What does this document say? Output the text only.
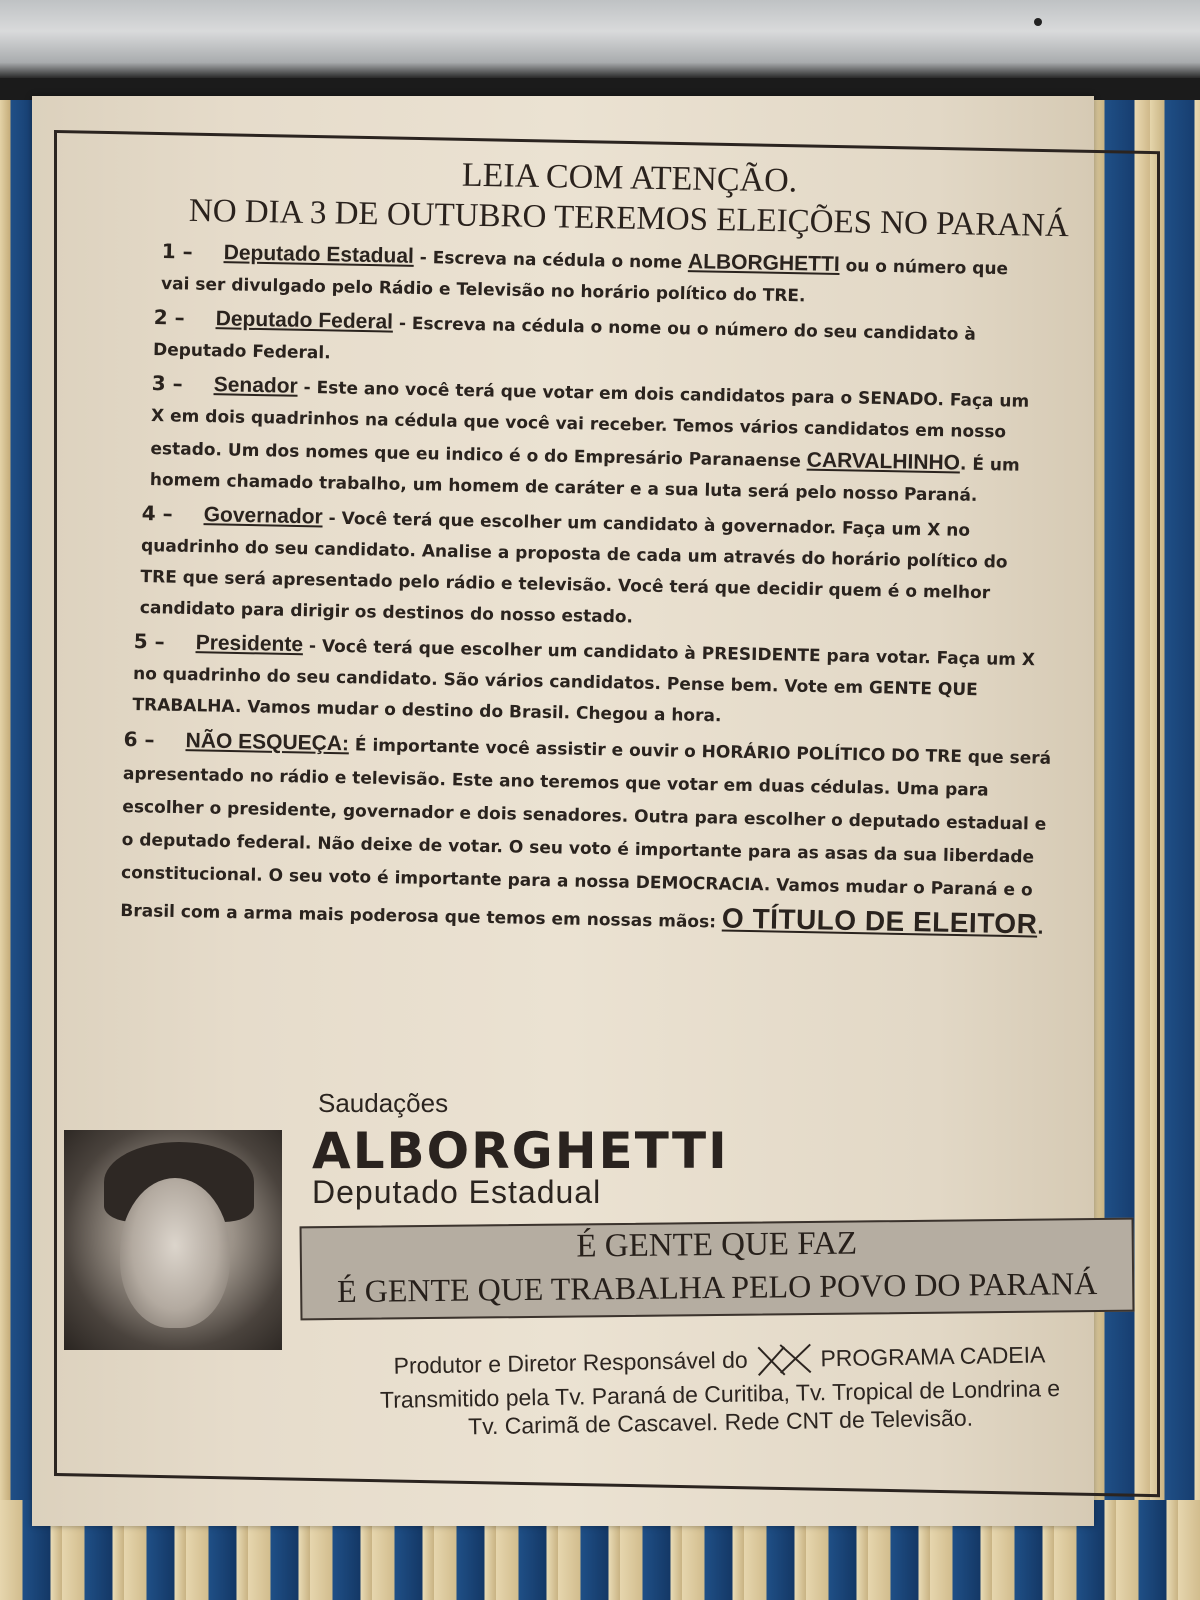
LEIA COM ATENÇÃO.
NO DIA 3 DE OUTUBRO TEREMOS ELEIÇÕES NO PARANÁ
1 – Deputado Estadual - Escreva na cédula o nome ALBORGHETTI ou o número que vai ser divulgado pelo Rádio e Televisão no horário político do TRE.
2 – Deputado Federal - Escreva na cédula o nome ou o número do seu candidato à Deputado Federal.
3 – Senador - Este ano você terá que votar em dois candidatos para o SENADO. Faça um X em dois quadrinhos na cédula que você vai receber. Temos vários candidatos em nosso estado. Um dos nomes que eu indico é o do Empresário Paranaense CARVALHINHO. É um homem chamado trabalho, um homem de caráter e a sua luta será pelo nosso Paraná.
4 – Governador - Você terá que escolher um candidato à governador. Faça um X no quadrinho do seu candidato. Analise a proposta de cada um através do horário político do TRE que será apresentado pelo rádio e televisão. Você terá que decidir quem é o melhor candidato para dirigir os destinos do nosso estado.
5 – Presidente - Você terá que escolher um candidato à PRESIDENTE para votar. Faça um X no quadrinho do seu candidato. São vários candidatos. Pense bem. Vote em GENTE QUE TRABALHA. Vamos mudar o destino do Brasil. Chegou a hora.
6 – NÃO ESQUEÇA: É importante você assistir e ouvir o HORÁRIO POLÍTICO DO TRE que será apresentado no rádio e televisão. Este ano teremos que votar em duas cédulas. Uma para escolher o presidente, governador e dois senadores. Outra para escolher o deputado estadual e o deputado federal. Não deixe de votar. O seu voto é importante para as asas da sua liberdade constitucional. O seu voto é importante para a nossa DEMOCRACIA. Vamos mudar o Paraná e o Brasil com a arma mais poderosa que temos em nossas mãos: O TÍTULO DE ELEITOR.
Saudações
ALBORGHETTI
Deputado Estadual
É GENTE QUE FAZ
É GENTE QUE TRABALHA PELO POVO DO PARANÁ
Produtor e Diretor Responsável do	PROGRAMA CADEIA
Transmitido pela Tv. Paraná de Curitiba, Tv. Tropical de Londrina e
Tv. Carimã de Cascavel. Rede CNT de Televisão.
